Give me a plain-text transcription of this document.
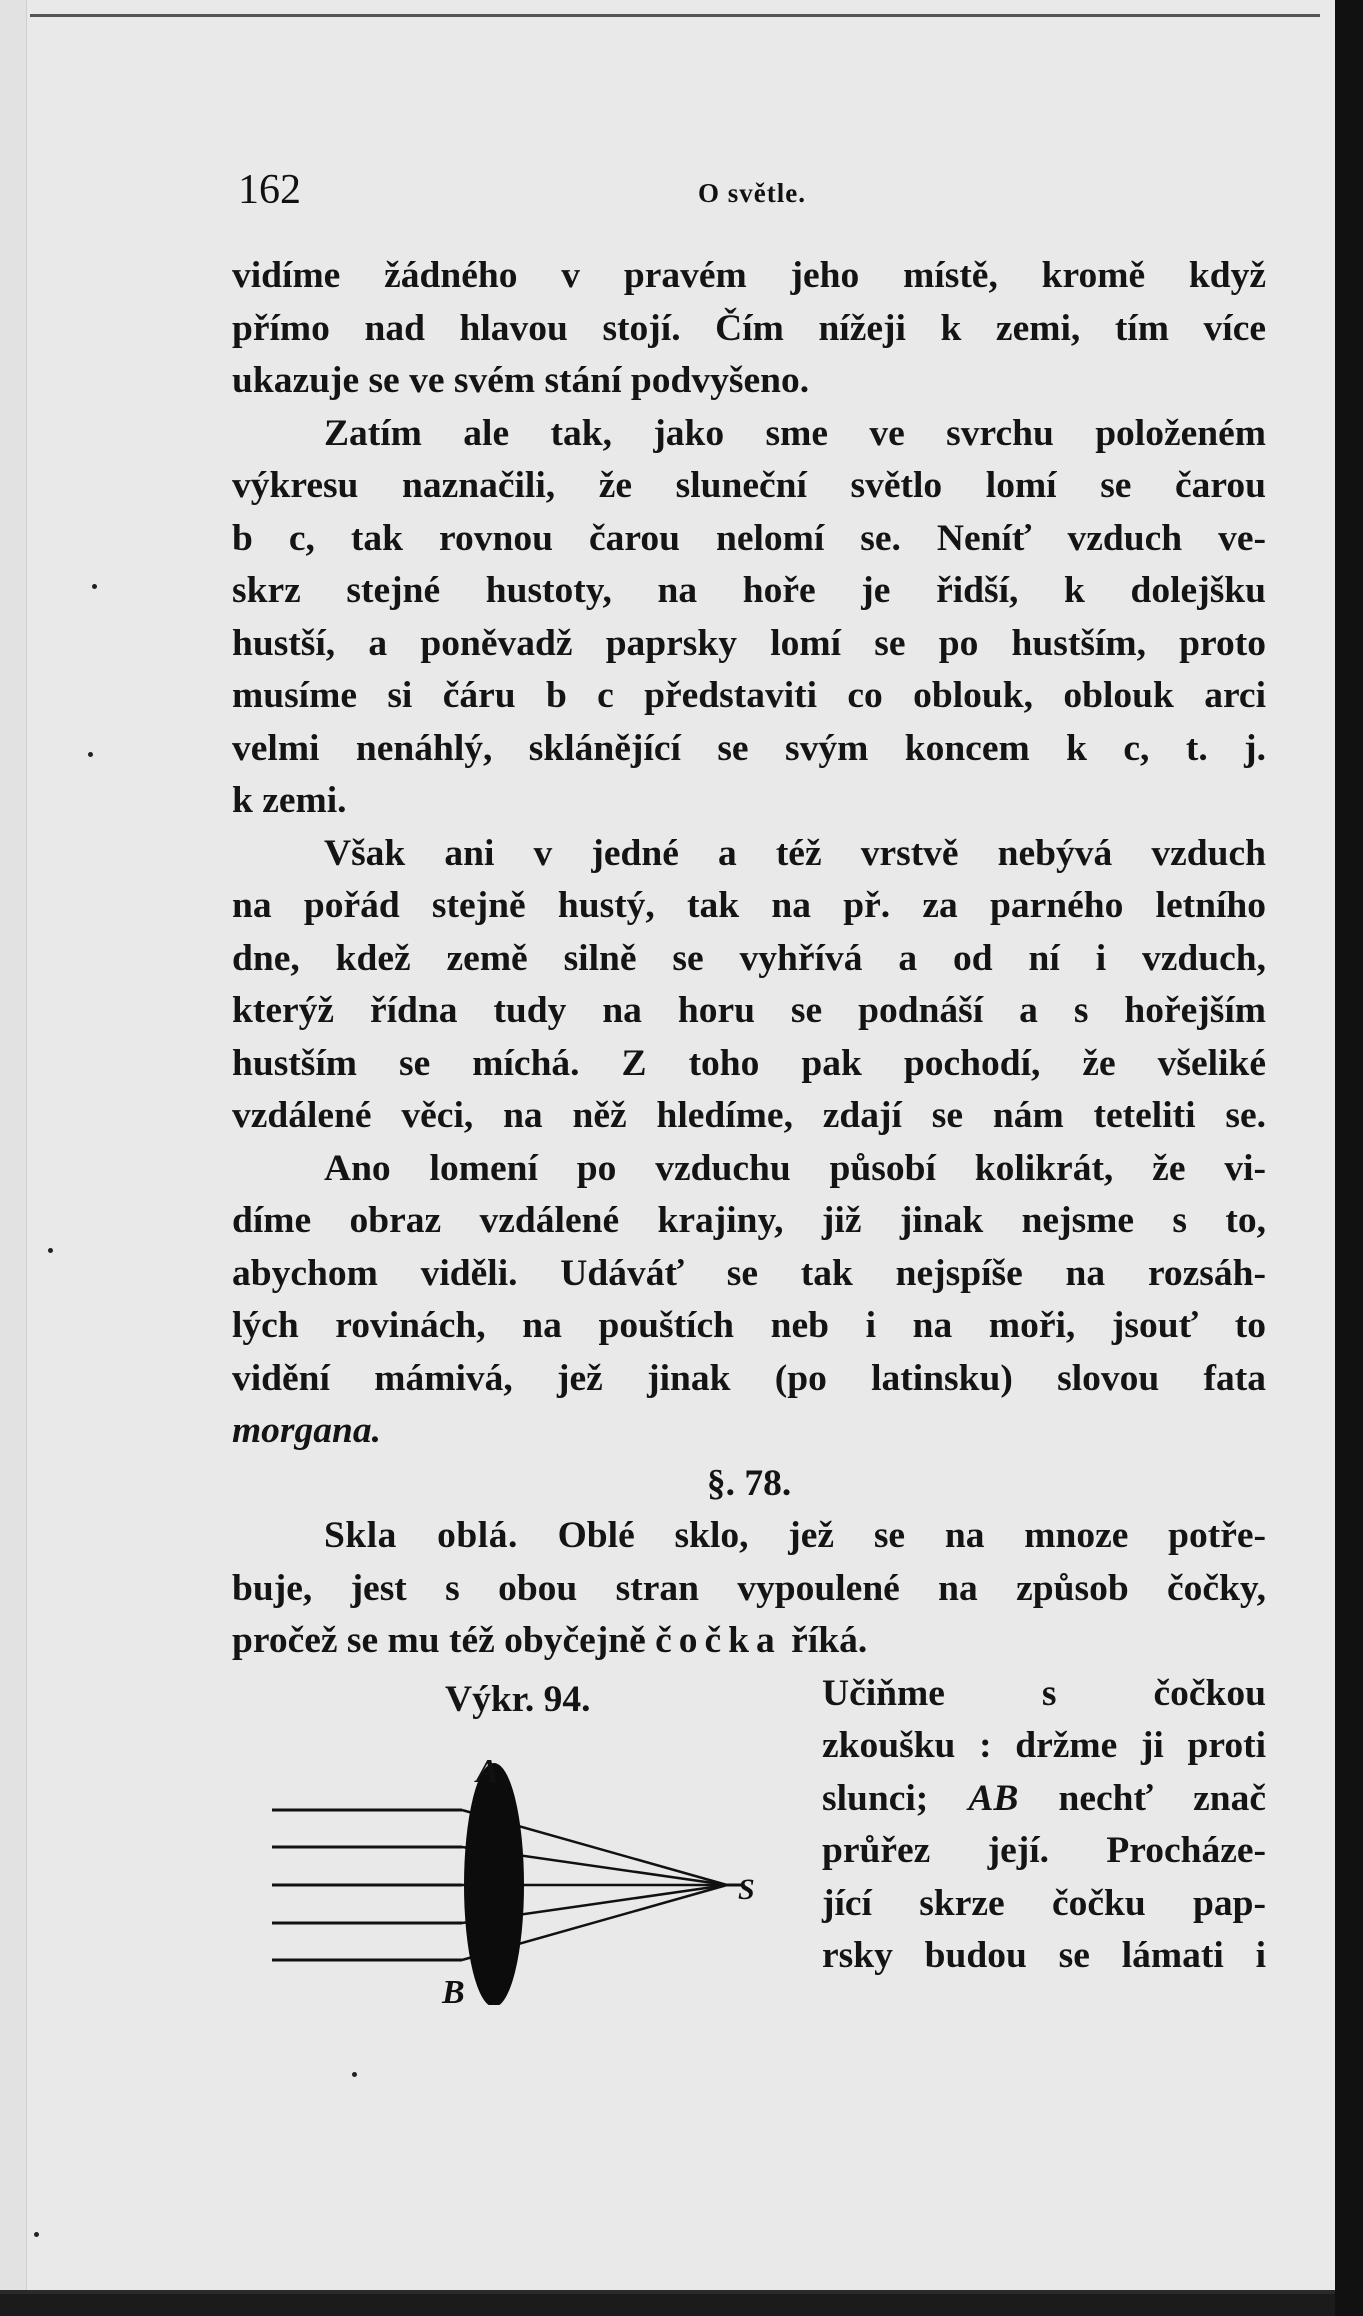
162	O světle.
vidíme žádného v pravém jeho místě, kromě když
přímo nad hlavou stojí. Čím nížeji k zemi, tím více
ukazuje se ve svém stání podvyšeno.
Zatím ale tak, jako sme ve svrchu položeném
výkresu naznačili, že sluneční světlo lomí se čarou
b c, tak rovnou čarou nelomí se. Neníť vzduch ve-
skrz stejné hustoty, na hoře je řidší, k dolejšku
hustší, a poněvadž paprsky lomí se po hustším, proto
musíme si čáru b c představiti co oblouk, oblouk arci
velmi nenáhlý, sklánějící se svým koncem k c, t. j.
k zemi.
Však ani v jedné a též vrstvě nebývá vzduch
na pořád stejně hustý, tak na př. za parného letního
dne, kdež země silně se vyhřívá a od ní i vzduch,
kterýž řídna tudy na horu se podnáší a s hořejším
hustším se míchá. Z toho pak pochodí, že všeliké
vzdálené věci, na něž hledíme, zdají se nám teteliti se.
Ano lomení po vzduchu působí kolikrát, že vi-
díme obraz vzdálené krajiny, již jinak nejsme s to,
abychom viděli. Udáváť se tak nejspíše na rozsáh-
lých rovinách, na pouštích neb i na moři, jsouť to
vidění mámivá, jež jinak (po latinsku) slovou fata
morgana.
§. 78.
Skla oblá. Oblé sklo, jež se na mnoze potře-
buje, jest s obou stran vypoulené na způsob čočky,
pročež se mu též obyčejně čočka říká.
Učiňme s čočkou
zkoušku : držme ji proti
slunci; AB nechť znač
průřez její. Procháze-
jící skrze čočku pap-
rsky budou se lámati i
Výkr. 94.
A
S
B
